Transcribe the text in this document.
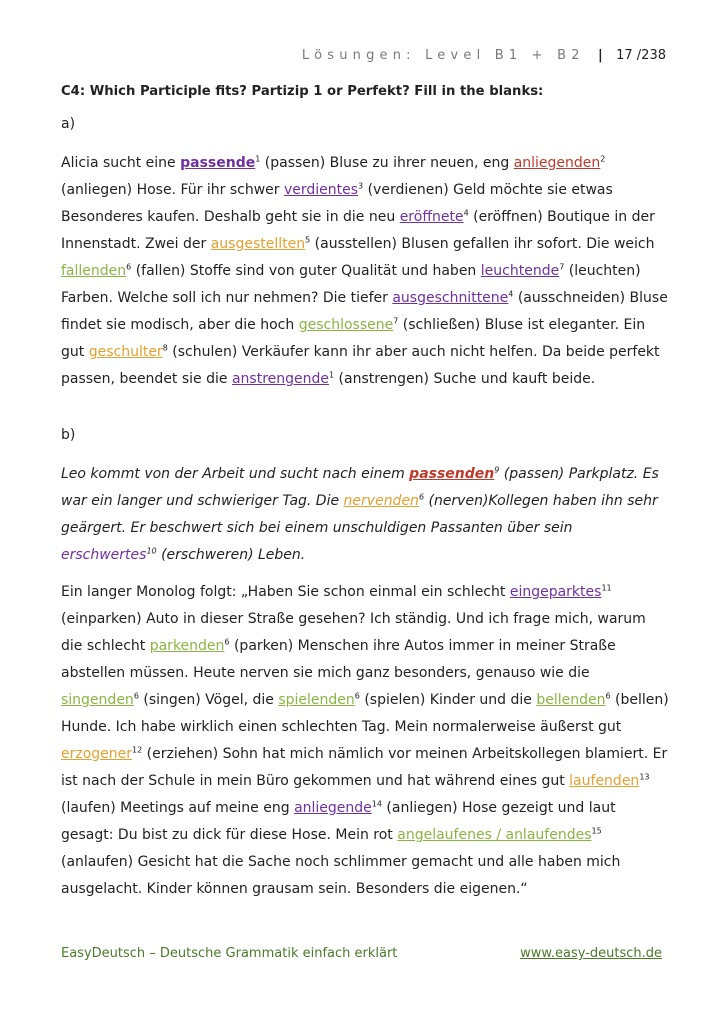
Lösungen: Level B1 + B2 | 17 /238

C4: Which Participle fits? Partizip 1 or Perfekt? Fill in the blanks:

a)

Alicia sucht eine passende$^1$ (passen) Bluse zu ihrer neuen, eng anliegenden$^2$ (anliegen) Hose. Für ihr schwer verdientes$^3$ (verdienen) Geld möchte sie etwas Besonderes kaufen. Deshalb geht sie in die neu eröffnete$^4$ (eröffnen) Boutique in der Innenstadt. Zwei der ausgestellten$^5$ (ausstellen) Blusen gefallen ihr sofort. Die weich fallenden$^6$ (fallen) Stoffe sind von guter Qualität und haben leuchtende$^7$ (leuchten) Farben. Welche soll ich nur nehmen? Die tiefer ausgeschnittene$^4$ (ausschneiden) Bluse findet sie modisch, aber die hoch geschlossene$^7$ (schließen) Bluse ist eleganter. Ein gut geschulter$^8$ (schulen) Verkäufer kann ihr aber auch nicht helfen. Da beide perfekt passen, beendet sie die anstrengende$^1$ (anstrengen) Suche und kauft beide.

b)

Leo kommt von der Arbeit und sucht nach einem passenden$^9$ (passen) Parkplatz. Es war ein langer und schwieriger Tag. Die nervenden$^6$ (nerven)Kollegen haben ihn sehr geärgert. Er beschwert sich bei einem unschuldigen Passanten über sein erschwertes$^{10}$ (erschweren) Leben.

Ein langer Monolog folgt: „Haben Sie schon einmal ein schlecht eingeparktes$^{11}$ (einparken) Auto in dieser Straße gesehen? Ich ständig. Und ich frage mich, warum die schlecht parkenden$^6$ (parken) Menschen ihre Autos immer in meiner Straße abstellen müssen. Heute nerven sie mich ganz besonders, genauso wie die singenden$^6$ (singen) Vögel, die spielenden$^6$ (spielen) Kinder und die bellenden$^6$ (bellen) Hunde. Ich habe wirklich einen schlechten Tag. Mein normalerweise äußerst gut erzogener$^{12}$ (erziehen) Sohn hat mich nämlich vor meinen Arbeitskollegen blamiert. Er ist nach der Schule in mein Büro gekommen und hat während eines gut laufenden$^{13}$ (laufen) Meetings auf meine eng anliegende$^{14}$ (anliegen) Hose gezeigt und laut gesagt: Du bist zu dick für diese Hose. Mein rot angelaufenes / anlaufendes$^{15}$ (anlaufen) Gesicht hat die Sache noch schlimmer gemacht und alle haben mich ausgelacht. Kinder können grausam sein. Besonders die eigenen.“

EasyDeutsch – Deutsche Grammatik einfach erklärt	www.easy-deutsch.de
